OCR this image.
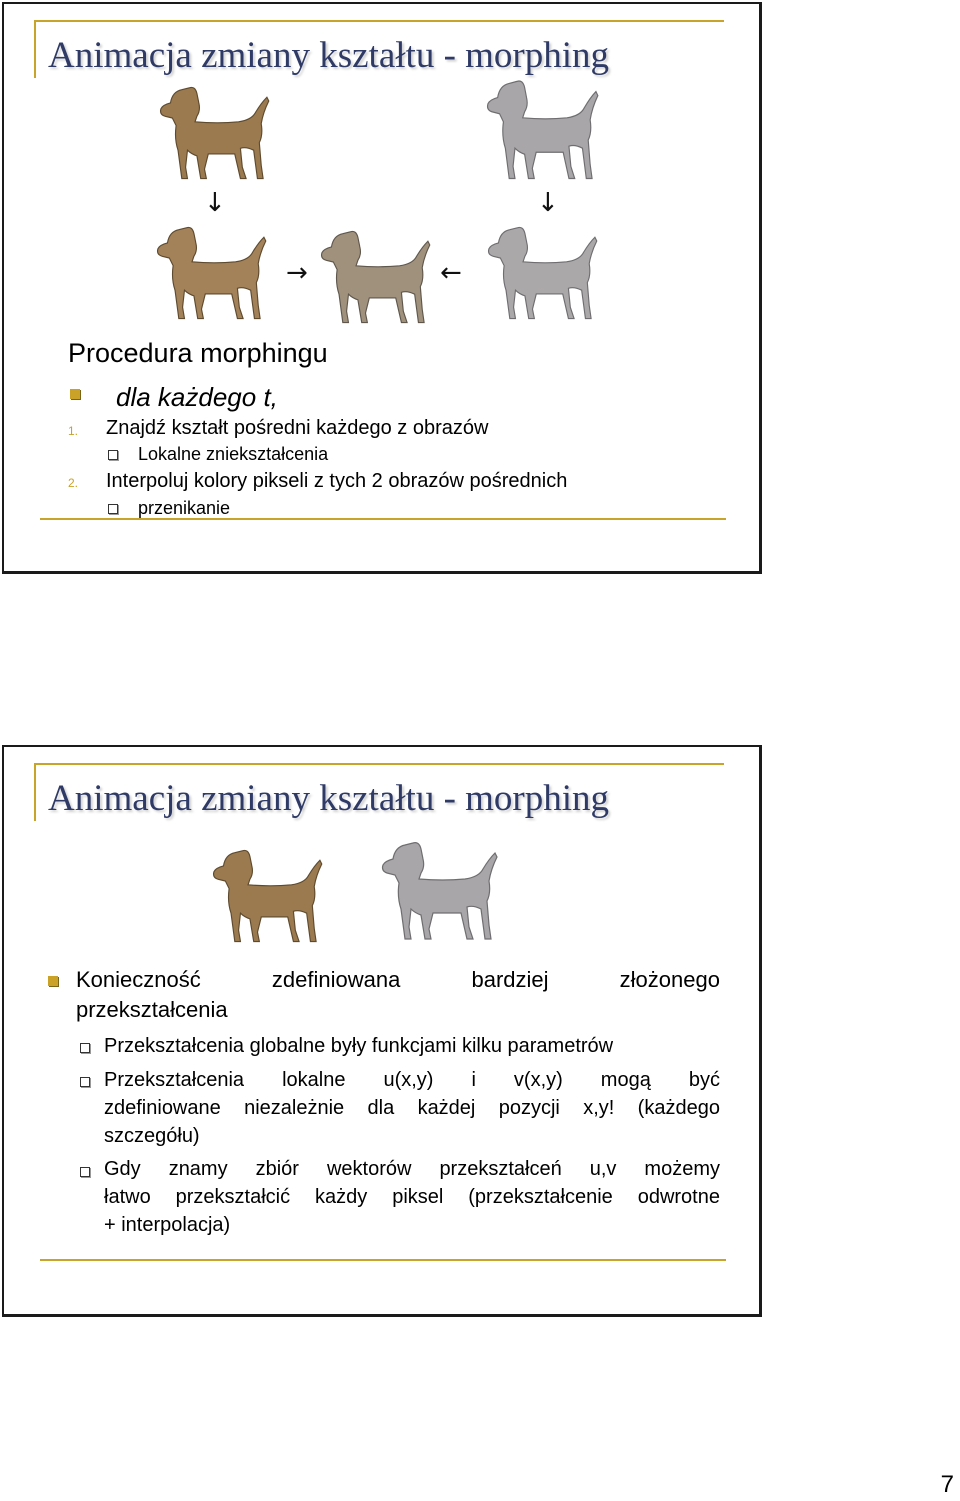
Animacja zmiany kształtu - morphing
↓	↓
→	←
Procedura morphingu
dla każdego t,
1. Znajdź kształt pośredni każdego z obrazów
Lokalne zniekształcenia
2. Interpoluj kolory pikseli z tych 2 obrazów pośrednich
przenikanie
Animacja zmiany kształtu - morphing
Konieczność	zdefiniowana	bardziej	złożonego
przekształcenia
Przekształcenia globalne były funkcjami kilku parametrów
Przekształcenia lokalne u(x,y) i v(x,y) mogą być
zdefiniowane niezależnie dla każdej pozycji x,y! (każdego
szczegółu)
Gdy znamy zbiór wektorów przekształceń u,v możemy
łatwo przekształcić każdy piksel (przekształcenie odwrotne
+ interpolacja)
7
